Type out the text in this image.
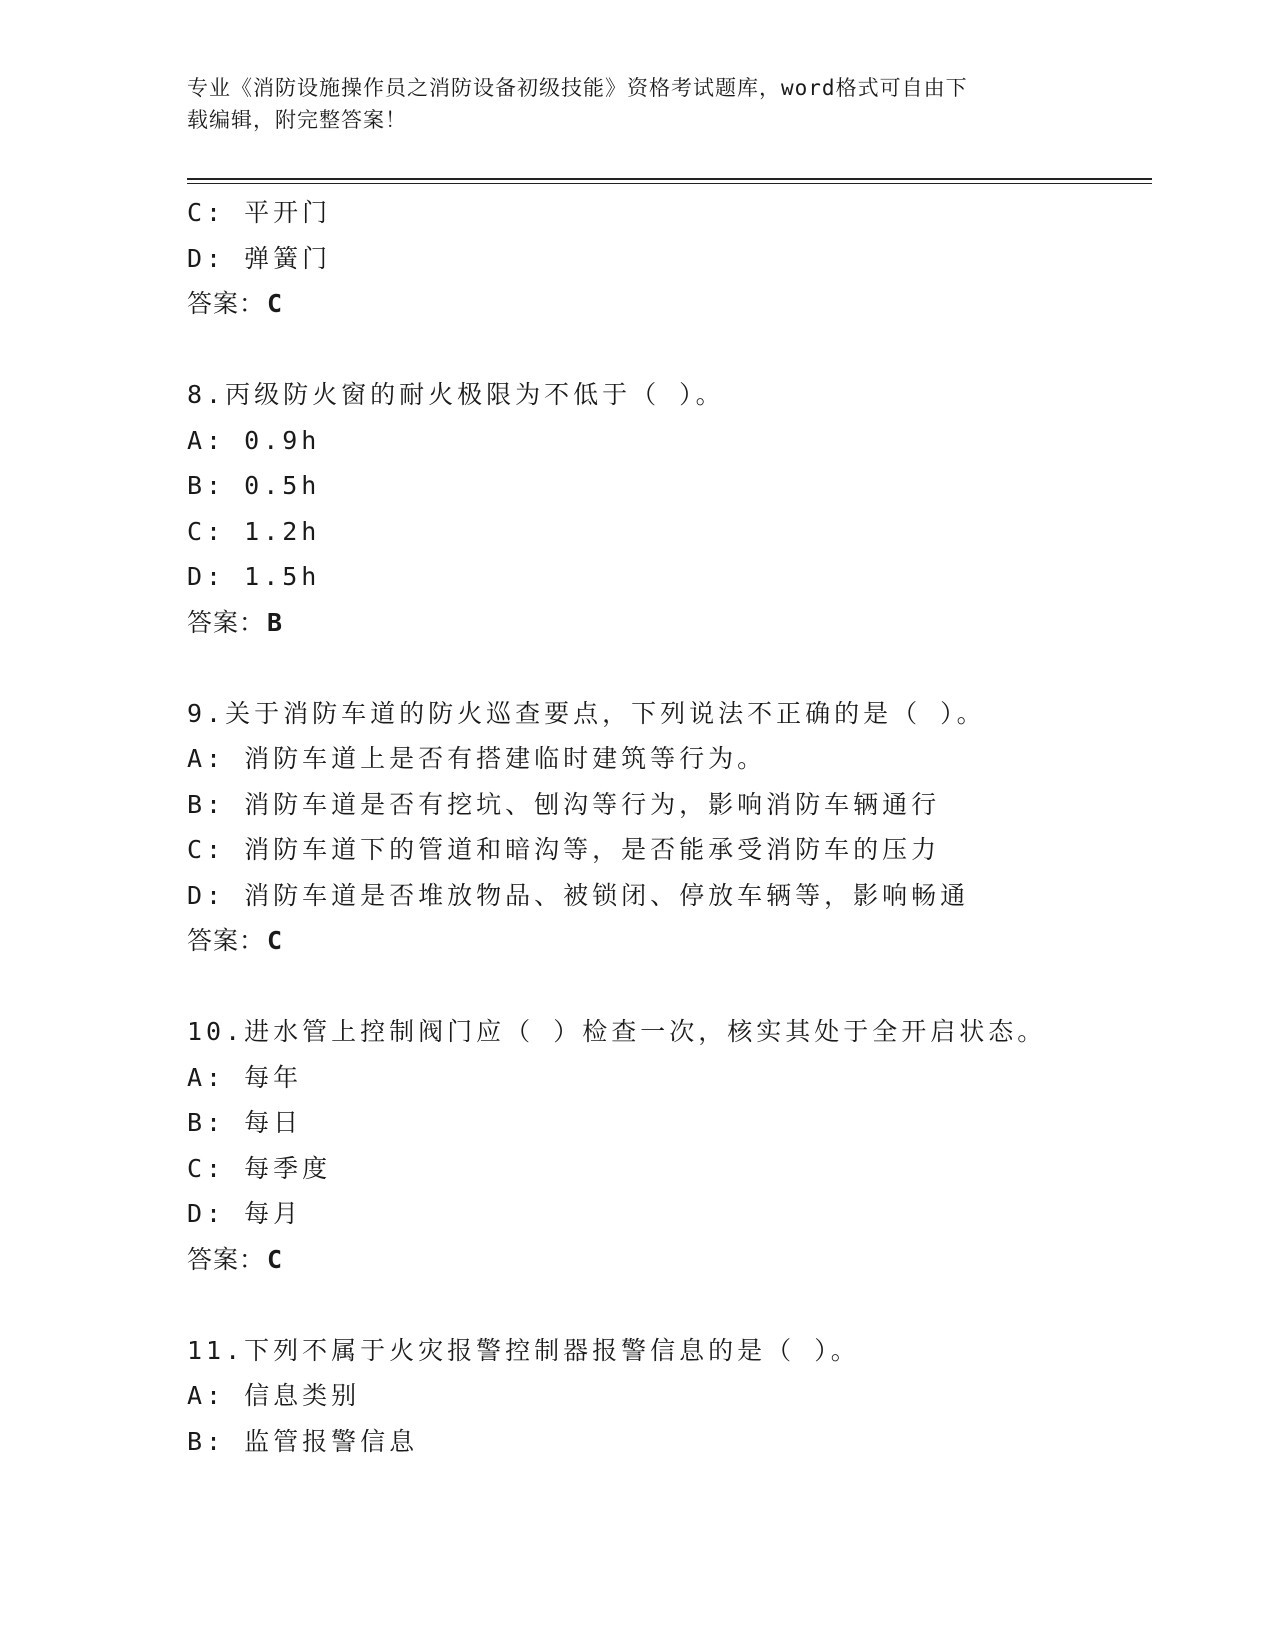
专业《消防设施操作员之消防设备初级技能》资格考试题库，word格式可自由下
载编辑，附完整答案！
C: 平开门
D: 弹簧门
答案：C
8.丙级防火窗的耐火极限为不低于（ ）。
A: 0.9h
B: 0.5h
C: 1.2h
D: 1.5h
答案：B
9.关于消防车道的防火巡查要点，下列说法不正确的是（ ）。
A: 消防车道上是否有搭建临时建筑等行为。
B: 消防车道是否有挖坑、刨沟等行为，影响消防车辆通行
C: 消防车道下的管道和暗沟等，是否能承受消防车的压力
D: 消防车道是否堆放物品、被锁闭、停放车辆等，影响畅通
答案：C
10.进水管上控制阀门应（ ）检查一次，核实其处于全开启状态。
A: 每年
B: 每日
C: 每季度
D: 每月
答案：C
11.下列不属于火灾报警控制器报警信息的是（ ）。
A: 信息类别
B: 监管报警信息
